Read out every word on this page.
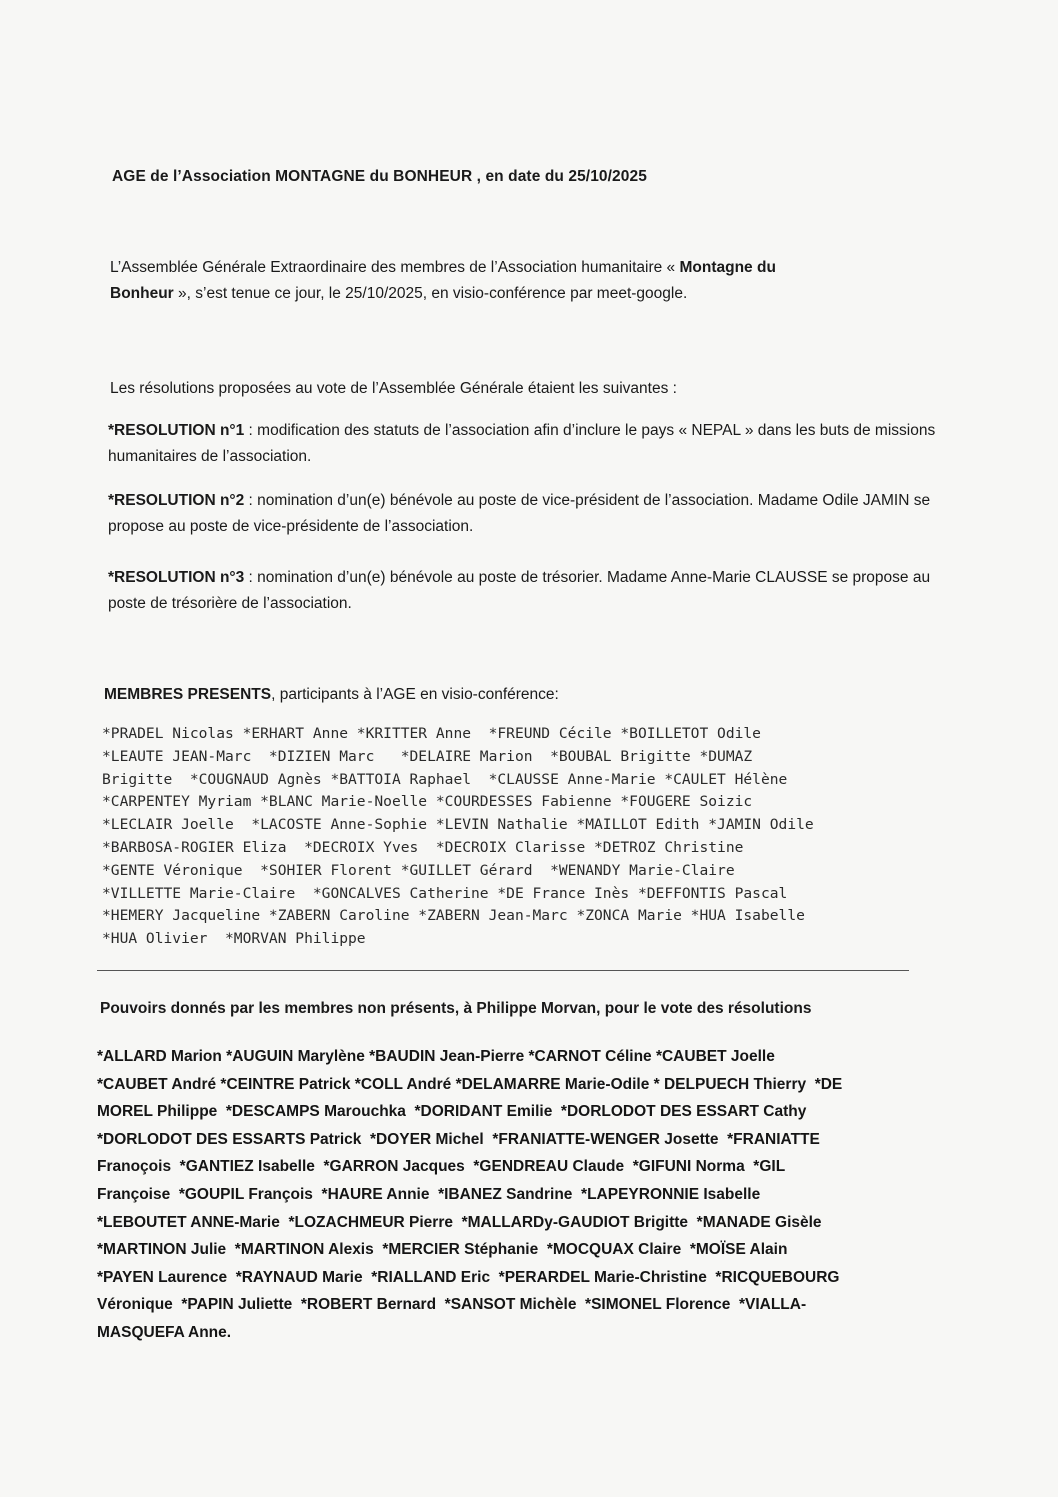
AGE de l’Association MONTAGNE du BONHEUR , en date du 25/10/2025
L’Assemblée Générale Extraordinaire des membres de l’Association humanitaire « Montagne du
Bonheur », s’est tenue ce jour, le 25/10/2025, en visio-conférence par meet-google.
Les résolutions proposées au vote de l’Assemblée Générale étaient les suivantes :
*RESOLUTION n°1 : modification des statuts de l’association afin d’inclure le pays « NEPAL » dans les buts de missions humanitaires de l’association.
*RESOLUTION n°2 : nomination d’un(e) bénévole au poste de vice-président de l’association. Madame Odile JAMIN se propose au poste de vice-présidente de l’association.
*RESOLUTION n°3 : nomination d’un(e) bénévole au poste de trésorier. Madame Anne-Marie CLAUSSE se propose au poste de trésorière de l’association.
MEMBRES PRESENTS, participants à l’AGE en visio-conférence:
*PRADEL Nicolas *ERHART Anne *KRITTER Anne  *FREUND Cécile *BOILLETOT Odile
*LEAUTE JEAN-Marc  *DIZIEN Marc   *DELAIRE Marion  *BOUBAL Brigitte *DUMAZ
Brigitte  *COUGNAUD Agnès *BATTOIA Raphael  *CLAUSSE Anne-Marie *CAULET Hélène
*CARPENTEY Myriam *BLANC Marie-Noelle *COURDESSES Fabienne *FOUGERE Soizic
*LECLAIR Joelle  *LACOSTE Anne-Sophie *LEVIN Nathalie *MAILLOT Edith *JAMIN Odile
*BARBOSA-ROGIER Eliza  *DECROIX Yves  *DECROIX Clarisse *DETROZ Christine
*GENTE Véronique  *SOHIER Florent *GUILLET Gérard  *WENANDY Marie-Claire
*VILLETTE Marie-Claire  *GONCALVES Catherine *DE France Inès *DEFFONTIS Pascal
*HEMERY Jacqueline *ZABERN Caroline *ZABERN Jean-Marc *ZONCA Marie *HUA Isabelle
*HUA Olivier  *MORVAN Philippe
Pouvoirs donnés par les membres non présents, à Philippe Morvan, pour le vote des résolutions
*ALLARD Marion *AUGUIN Marylène *BAUDIN Jean-Pierre *CARNOT Céline *CAUBET Joelle
*CAUBET André *CEINTRE Patrick *COLL André *DELAMARRE Marie-Odile * DELPUECH Thierry  *DE
MOREL Philippe  *DESCAMPS Marouchka  *DORIDANT Emilie  *DORLODOT DES ESSART Cathy
*DORLODOT DES ESSARTS Patrick  *DOYER Michel  *FRANIATTE-WENGER Josette  *FRANIATTE
Franoçois  *GANTIEZ Isabelle  *GARRON Jacques  *GENDREAU Claude  *GIFUNI Norma  *GIL
Françoise  *GOUPIL François  *HAURE Annie  *IBANEZ Sandrine  *LAPEYRONNIE Isabelle
*LEBOUTET ANNE-Marie  *LOZACHMEUR Pierre  *MALLARDy-GAUDIOT Brigitte  *MANADE Gisèle
*MARTINON Julie  *MARTINON Alexis  *MERCIER Stéphanie  *MOCQUAX Claire  *MOÏSE Alain
*PAYEN Laurence  *RAYNAUD Marie  *RIALLAND Eric  *PERARDEL Marie-Christine  *RICQUEBOURG
Véronique  *PAPIN Juliette  *ROBERT Bernard  *SANSOT Michèle  *SIMONEL Florence  *VIALLA-
MASQUEFA Anne.
